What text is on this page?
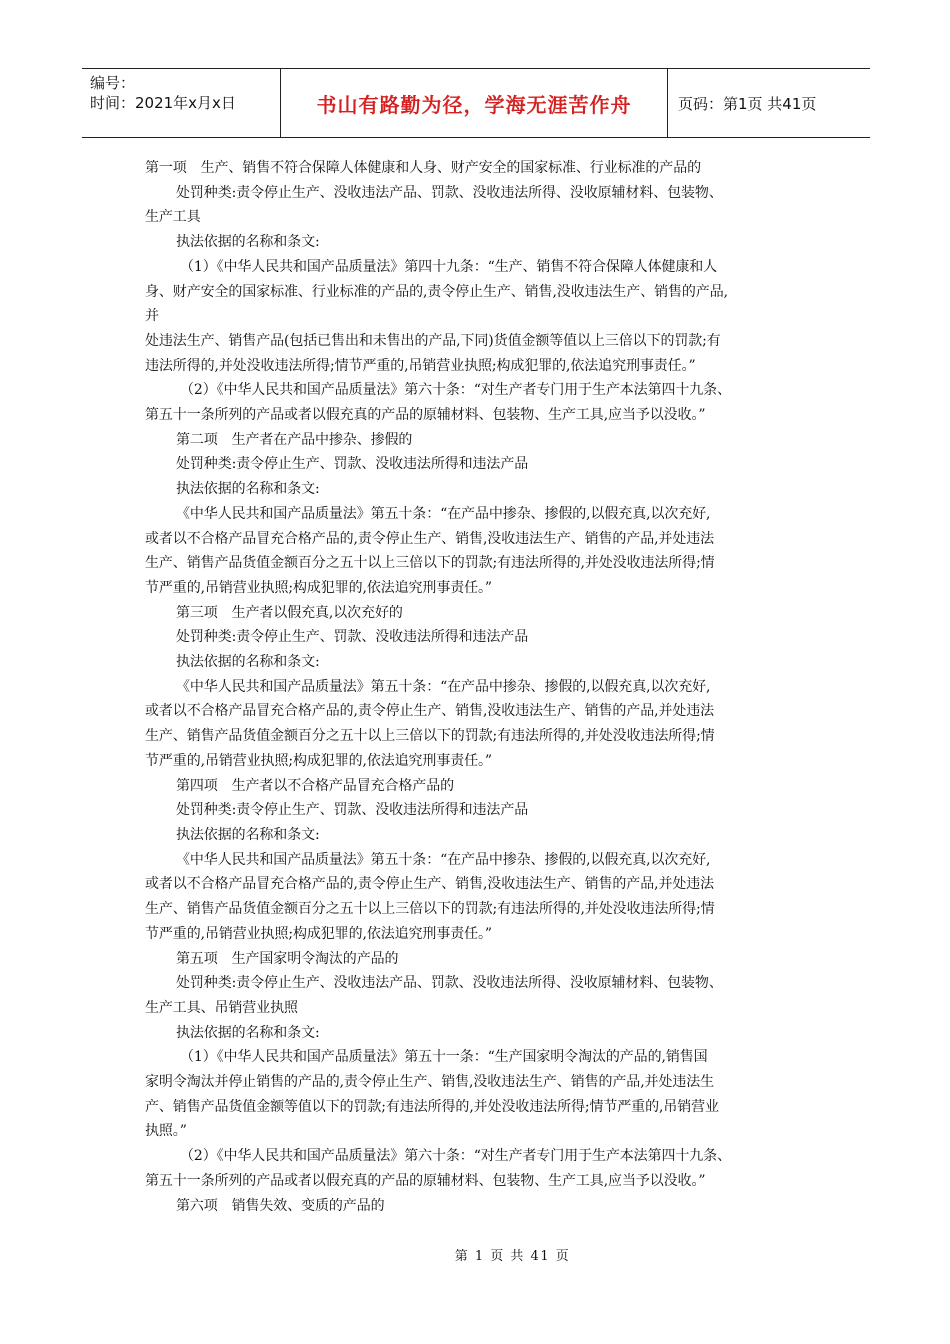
编号：
时间：2021年x月x日	书山有路勤为径，学海无涯苦作舟	页码：第1页 共41页

第一项　生产、销售不符合保障人体健康和人身、财产安全的国家标准、行业标准的产品的

处罚种类:责令停止生产、没收违法产品、罚款、没收违法所得、没收原辅材料、包装物、

生产工具

执法依据的名称和条文:

（1）《中华人民共和国产品质量法》第四十九条：“生产、销售不符合保障人体健康和人

身、财产安全的国家标准、行业标准的产品的,责令停止生产、销售,没收违法生产、销售的产品,

并

处违法生产、销售产品(包括已售出和未售出的产品,下同)货值金额等值以上三倍以下的罚款;有

违法所得的,并处没收违法所得;情节严重的,吊销营业执照;构成犯罪的,依法追究刑事责任。”

（2）《中华人民共和国产品质量法》第六十条：“对生产者专门用于生产本法第四十九条、

第五十一条所列的产品或者以假充真的产品的原辅材料、包装物、生产工具,应当予以没收。”

第二项　生产者在产品中掺杂、掺假的

处罚种类:责令停止生产、罚款、没收违法所得和违法产品

执法依据的名称和条文:

《中华人民共和国产品质量法》第五十条：“在产品中掺杂、掺假的,以假充真,以次充好,

或者以不合格产品冒充合格产品的,责令停止生产、销售,没收违法生产、销售的产品,并处违法

生产、销售产品货值金额百分之五十以上三倍以下的罚款;有违法所得的,并处没收违法所得;情

节严重的,吊销营业执照;构成犯罪的,依法追究刑事责任。”

第三项　生产者以假充真,以次充好的

处罚种类:责令停止生产、罚款、没收违法所得和违法产品

执法依据的名称和条文:

《中华人民共和国产品质量法》第五十条：“在产品中掺杂、掺假的,以假充真,以次充好,

或者以不合格产品冒充合格产品的,责令停止生产、销售,没收违法生产、销售的产品,并处违法

生产、销售产品货值金额百分之五十以上三倍以下的罚款;有违法所得的,并处没收违法所得;情

节严重的,吊销营业执照;构成犯罪的,依法追究刑事责任。”

第四项　生产者以不合格产品冒充合格产品的

处罚种类:责令停止生产、罚款、没收违法所得和违法产品

执法依据的名称和条文:

《中华人民共和国产品质量法》第五十条：“在产品中掺杂、掺假的,以假充真,以次充好,

或者以不合格产品冒充合格产品的,责令停止生产、销售,没收违法生产、销售的产品,并处违法

生产、销售产品货值金额百分之五十以上三倍以下的罚款;有违法所得的,并处没收违法所得;情

节严重的,吊销营业执照;构成犯罪的,依法追究刑事责任。”

第五项　生产国家明令淘汰的产品的

处罚种类:责令停止生产、没收违法产品、罚款、没收违法所得、没收原辅材料、包装物、

生产工具、吊销营业执照

执法依据的名称和条文:

（1）《中华人民共和国产品质量法》第五十一条：“生产国家明令淘汰的产品的,销售国

家明令淘汰并停止销售的产品的,责令停止生产、销售,没收违法生产、销售的产品,并处违法生

产、销售产品货值金额等值以下的罚款;有违法所得的,并处没收违法所得;情节严重的,吊销营业

执照。”

（2）《中华人民共和国产品质量法》第六十条：“对生产者专门用于生产本法第四十九条、

第五十一条所列的产品或者以假充真的产品的原辅材料、包装物、生产工具,应当予以没收。”

第六项　销售失效、变质的产品的

第 1 页 共 41 页
